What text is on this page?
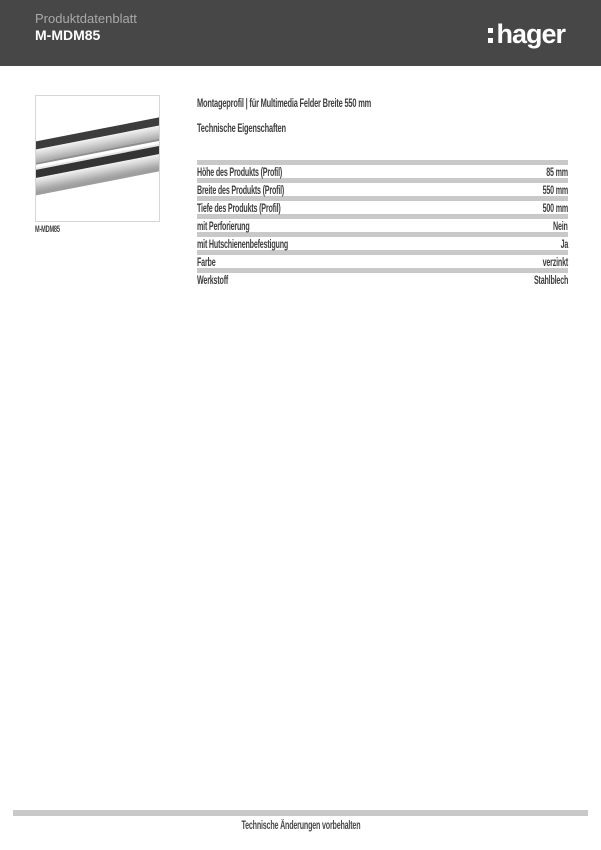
Produktdatenblatt
M-MDM85	hager
M-MDM85
Montageprofil | für Multimedia Felder Breite 550 mm
Technische Eigenschaften
Höhe des Produkts (Profil)	85 mm
Breite des Produkts (Profil)	550 mm
Tiefe des Produkts (Profil)	500 mm
mit Perforierung	Nein
mit Hutschienenbefestigung	Ja
Farbe	verzinkt
Werkstoff	Stahlblech
Technische Änderungen vorbehalten
